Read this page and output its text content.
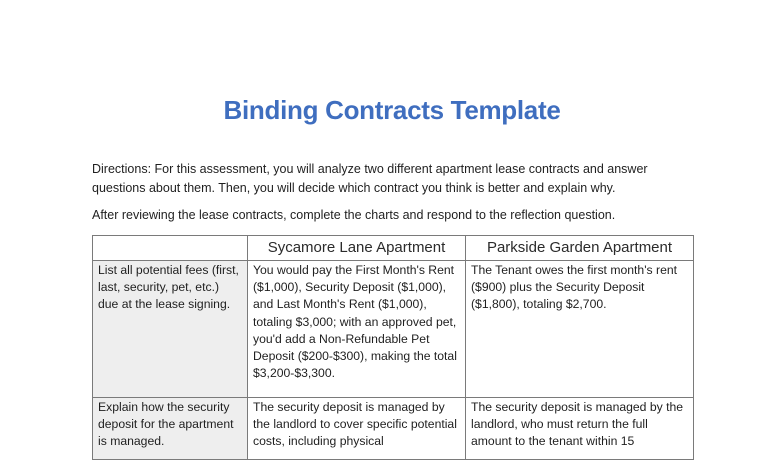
Binding Contracts Template
Directions: For this assessment, you will analyze two different apartment lease contracts and answer questions about them. Then, you will decide which contract you think is better and explain why.
After reviewing the lease contracts, complete the charts and respond to the reflection question.
	Sycamore Lane Apartment	Parkside Garden Apartment
List all potential fees (first, last, security, pet, etc.) due at the lease signing.	You would pay the First Month's Rent ($1,000), Security Deposit ($1,000), and Last Month's Rent ($1,000), totaling $3,000; with an approved pet, you'd add a Non-Refundable Pet Deposit ($200-$300), making the total $3,200-$3,300.	The Tenant owes the first month's rent ($900) plus the Security Deposit ($1,800), totaling $2,700.
Explain how the security deposit for the apartment is managed.	The security deposit is managed by the landlord to cover specific potential costs, including physical	The security deposit is managed by the landlord, who must return the full amount to the tenant within 15
